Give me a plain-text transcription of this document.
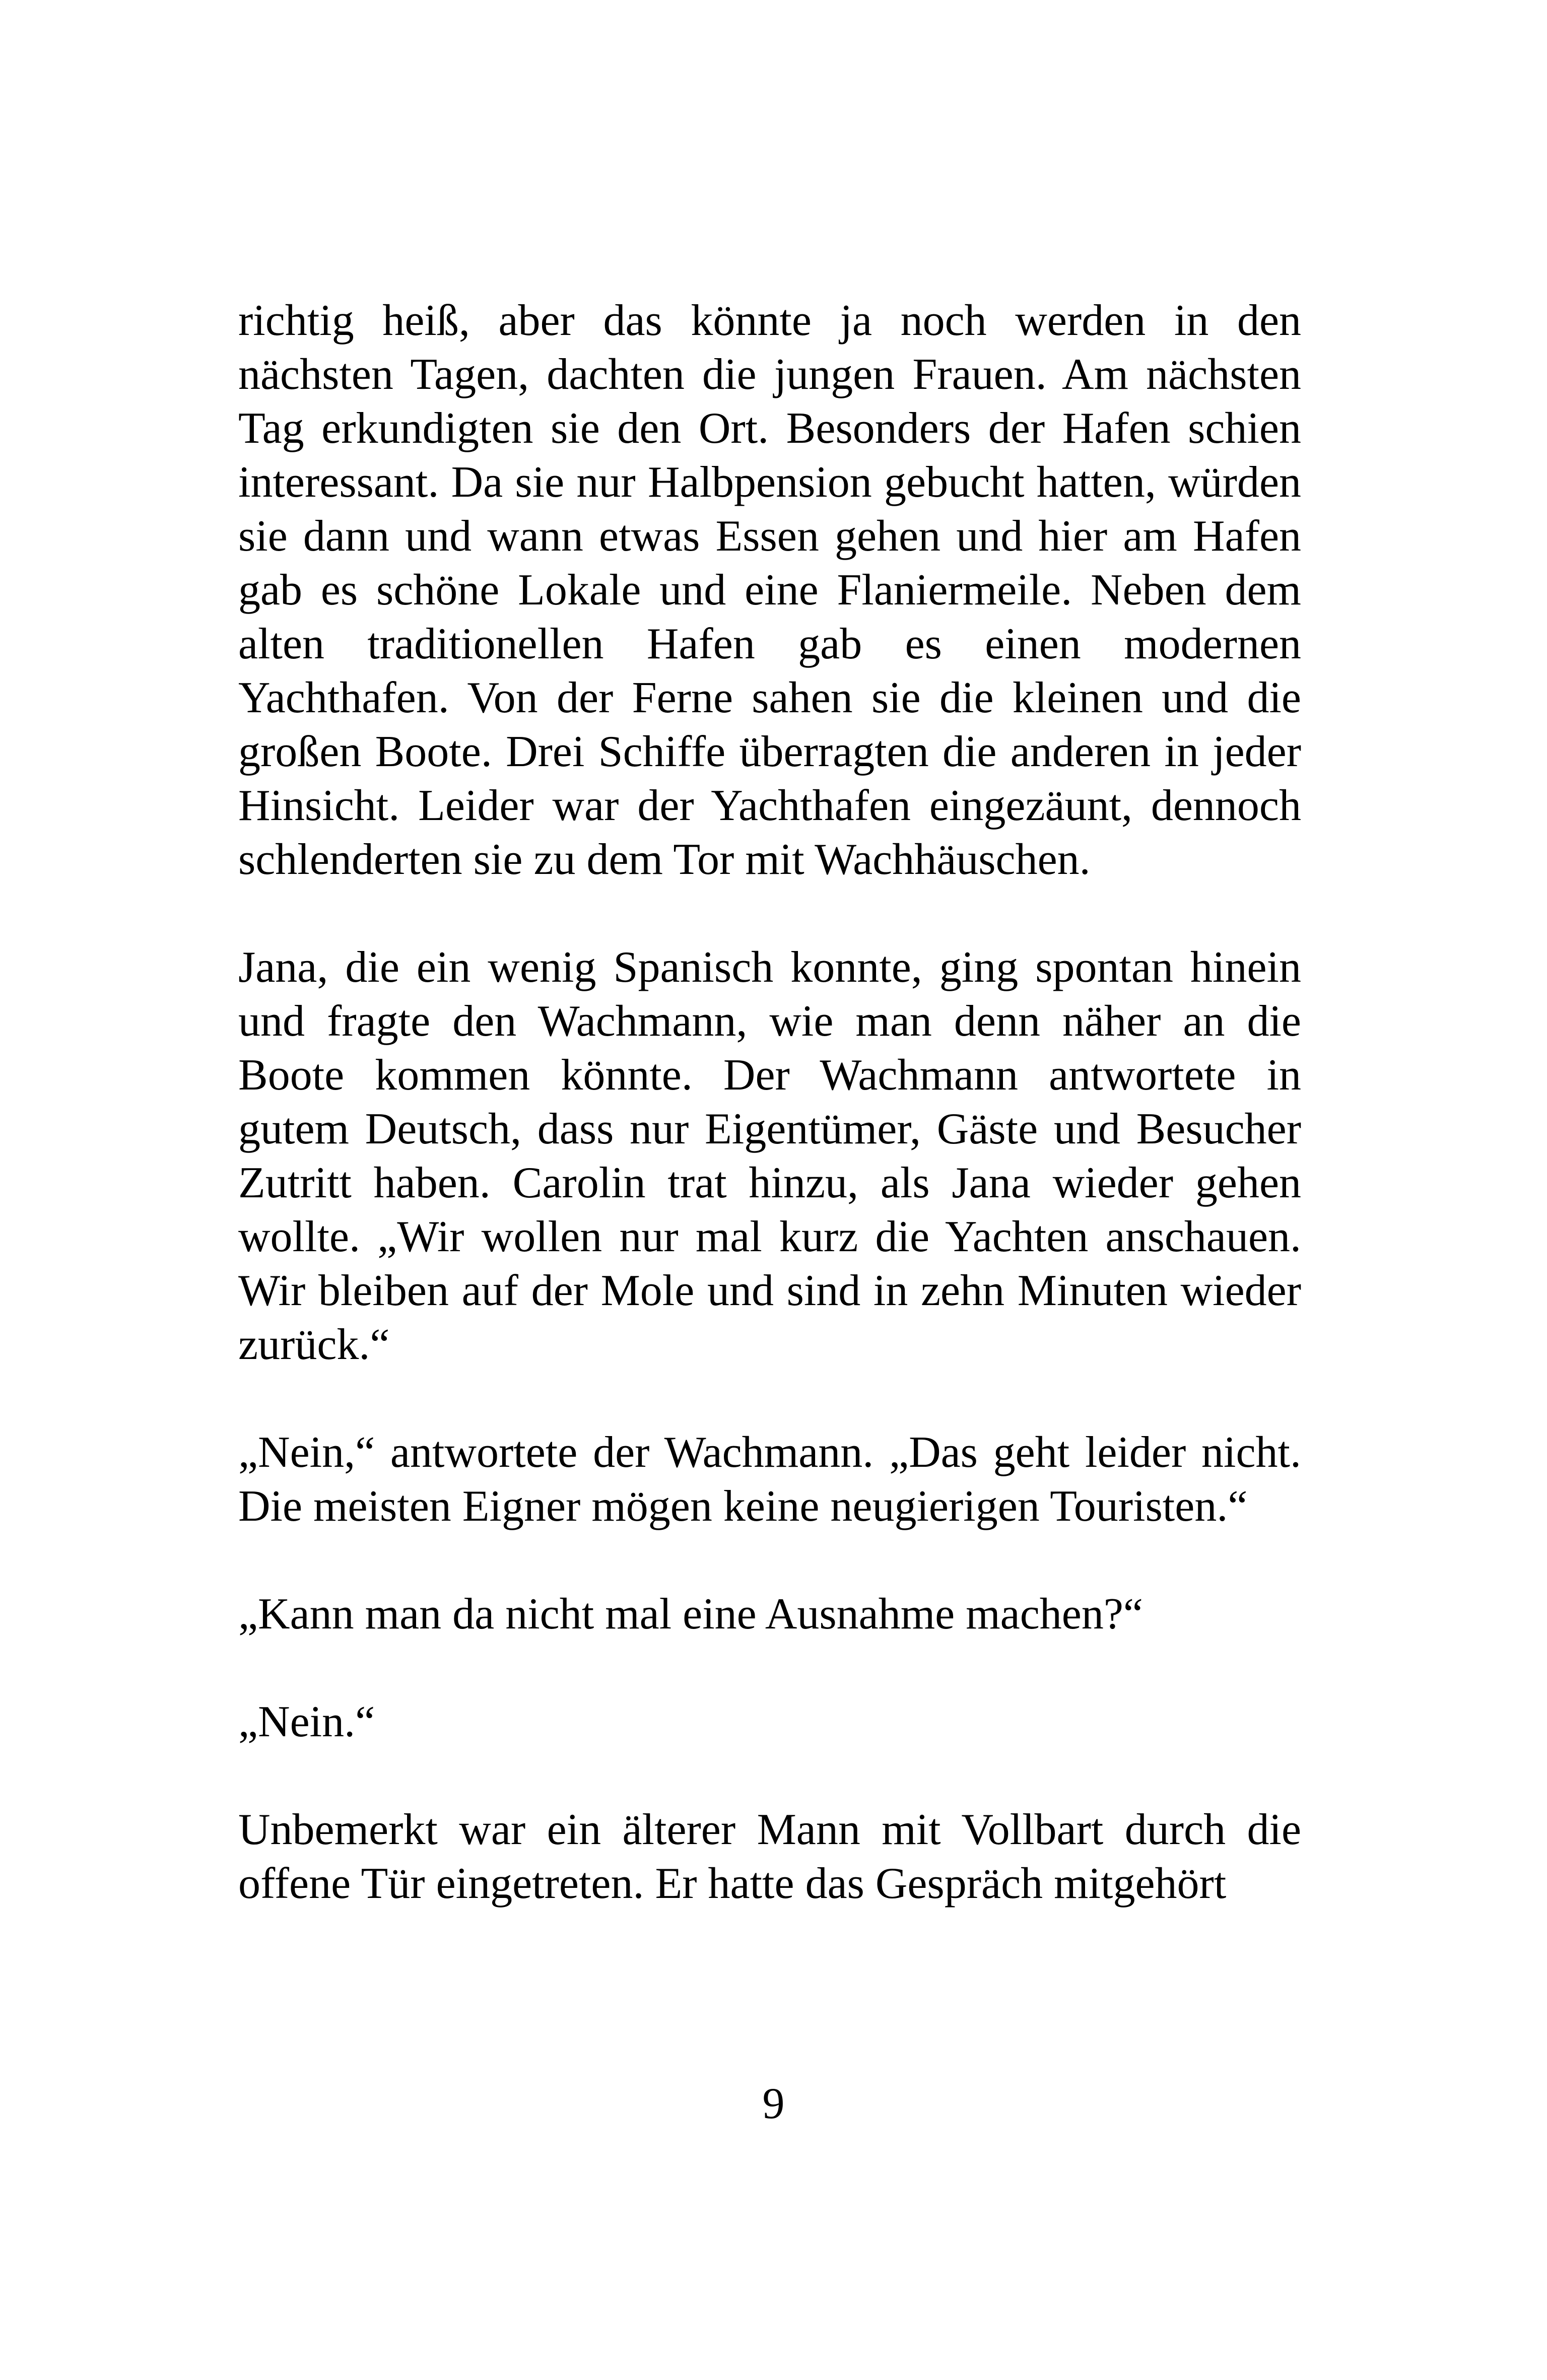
richtig heiß, aber das könnte ja noch werden in den nächsten Tagen, dachten die jungen Frauen. Am nächsten Tag erkundigten sie den Ort. Besonders der Hafen schien interessant. Da sie nur Halbpension gebucht hatten, würden sie dann und wann etwas Essen gehen und hier am Hafen gab es schöne Lokale und eine Flaniermeile. Neben dem alten traditionellen Hafen gab es einen modernen Yachthafen. Von der Ferne sahen sie die kleinen und die großen Boote. Drei Schiffe überragten die anderen in jeder Hinsicht. Leider war der Yachthafen eingezäunt, dennoch schlenderten sie zu dem Tor mit Wachhäuschen.

Jana, die ein wenig Spanisch konnte, ging spontan hinein und fragte den Wachmann, wie man denn näher an die Boote kommen könnte. Der Wachmann antwortete in gutem Deutsch, dass nur Eigentümer, Gäste und Besucher Zutritt haben. Carolin trat hinzu, als Jana wieder gehen wollte. „Wir wollen nur mal kurz die Yachten anschauen. Wir bleiben auf der Mole und sind in zehn Minuten wieder zurück.“

„Nein,“ antwortete der Wachmann. „Das geht leider nicht. Die meisten Eigner mögen keine neugierigen Touristen.“

„Kann man da nicht mal eine Ausnahme machen?“

„Nein.“

Unbemerkt war ein älterer Mann mit Vollbart durch die offene Tür eingetreten. Er hatte das Gespräch mitgehört

9
